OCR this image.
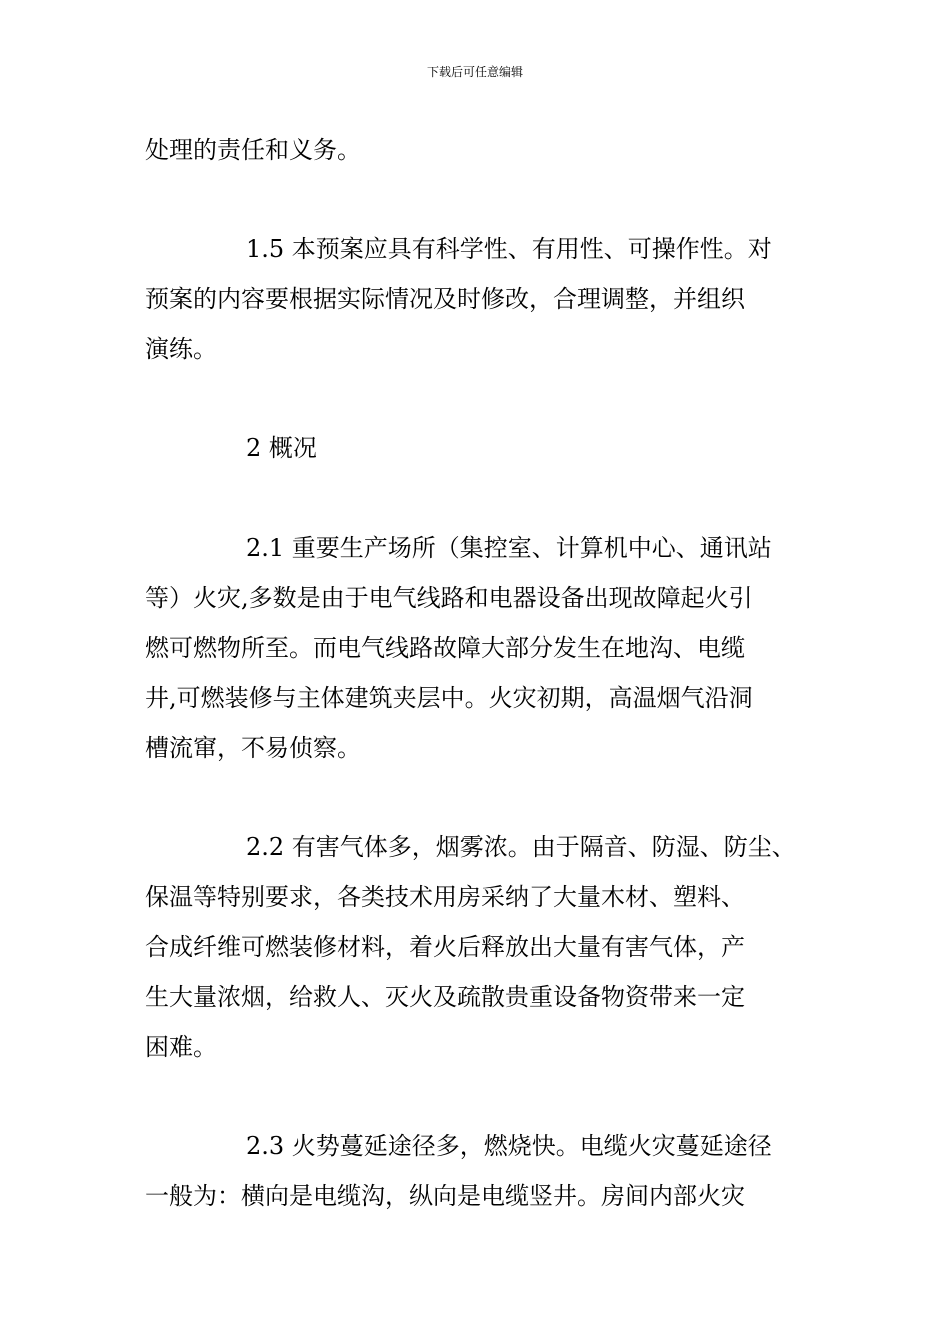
下载后可任意编辑
处理的责任和义务。
1.5 本预案应具有科学性、有用性、可操作性。对
预案的内容要根据实际情况及时修改，合理调整，并组织
演练。
2 概况
2.1 重要生产场所（集控室、计算机中心、通讯站
等）火灾,多数是由于电气线路和电器设备出现故障起火引
燃可燃物所至。而电气线路故障大部分发生在地沟、电缆
井,可燃装修与主体建筑夹层中。火灾初期，高温烟气沿洞
槽流窜，不易侦察。
2.2 有害气体多，烟雾浓。由于隔音、防湿、防尘、
保温等特别要求，各类技术用房采纳了大量木材、塑料、
合成纤维可燃装修材料，着火后释放出大量有害气体，产
生大量浓烟，给救人、灭火及疏散贵重设备物资带来一定
困难。
2.3 火势蔓延途径多，燃烧快。电缆火灾蔓延途径
一般为：横向是电缆沟，纵向是电缆竖井。房间内部火灾
